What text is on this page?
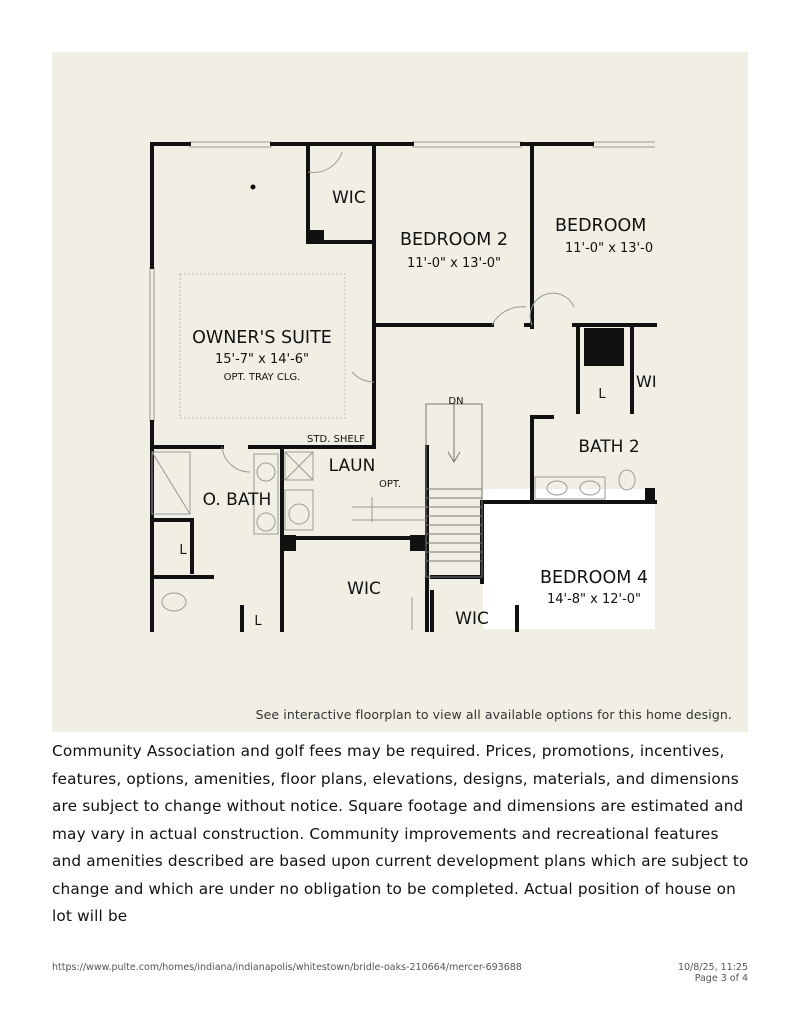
WIC
BEDROOM 2
11'-0" x 13'-0"
BEDROOM
11'-0" x 13'-0
OWNER'S SUITE
15'-7" x 14'-6"
OPT. TRAY CLG.	WI
L
DN
STD. SHELF	BATH 2
LAUN
OPT.
O. BATH
L
WIC
BEDROOM 4
14'-8" x 12'-0"
L	WIC
See interactive floorplan to view all available options for this home design.

Community Association and golf fees may be required. Prices, promotions, incentives, features, options, amenities, floor plans, elevations, designs, materials, and dimensions are subject to change without notice. Square footage and dimensions are estimated and may vary in actual construction. Community improvements and recreational features and amenities described are based upon current development plans which are subject to change and which are under no obligation to be completed. Actual position of house on lot will be

https://www.pulte.com/homes/indiana/indianapolis/whitestown/bridle-oaks-210664/mercer-693688	10/8/25, 11:25
Page 3 of 4
